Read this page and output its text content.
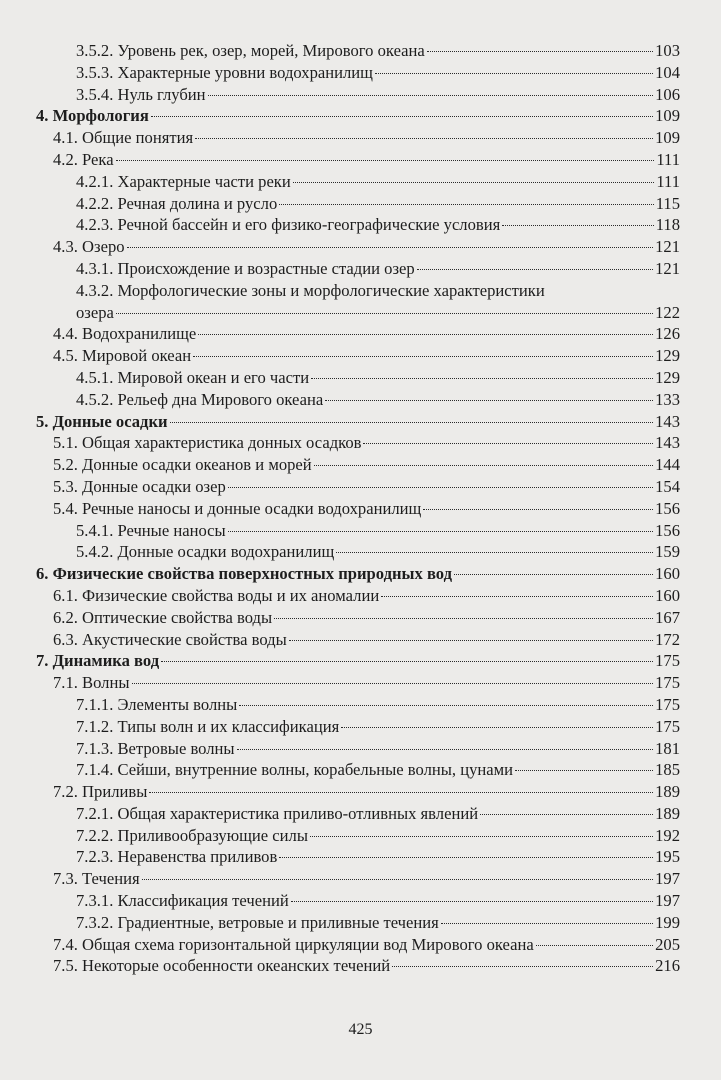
3.5.2. Уровень рек, озер, морей, Мирового океана	103
3.5.3. Характерные уровни водохранилищ	104
3.5.4. Нуль глубин	106
4. Морфология	109
4.1. Общие понятия	109
4.2. Река	111
4.2.1. Характерные части реки	111
4.2.2. Речная долина и русло	115
4.2.3. Речной бассейн и его физико-географические условия	118
4.3. Озеро	121
4.3.1. Происхождение и возрастные стадии озер	121
4.3.2. Морфологические зоны и морфологические характеристики
озера	122
4.4. Водохранилище	126
4.5. Мировой океан	129
4.5.1. Мировой океан и его части	129
4.5.2. Рельеф дна Мирового океана	133
5. Донные осадки	143
5.1. Общая характеристика донных осадков	143
5.2. Донные осадки океанов и морей	144
5.3. Донные осадки озер	154
5.4. Речные наносы и донные осадки водохранилищ	156
5.4.1. Речные наносы	156
5.4.2. Донные осадки водохранилищ	159
6. Физические свойства поверхностных природных вод	160
6.1. Физические свойства воды и их аномалии	160
6.2. Оптические свойства воды	167
6.3. Акустические свойства воды	172
7. Динамика вод	175
7.1. Волны	175
7.1.1. Элементы волны	175
7.1.2. Типы волн и их классификация	175
7.1.3. Ветровые волны	181
7.1.4. Сейши, внутренние волны, корабельные волны, цунами	185
7.2. Приливы	189
7.2.1. Общая характеристика приливо-отливных явлений	189
7.2.2. Приливообразующие силы	192
7.2.3. Неравенства приливов	195
7.3. Течения	197
7.3.1. Классификация течений	197
7.3.2. Градиентные, ветровые и приливные течения	199
7.4. Общая схема горизонтальной циркуляции вод Мирового океана	205
7.5. Некоторые особенности океанских течений	216
425
